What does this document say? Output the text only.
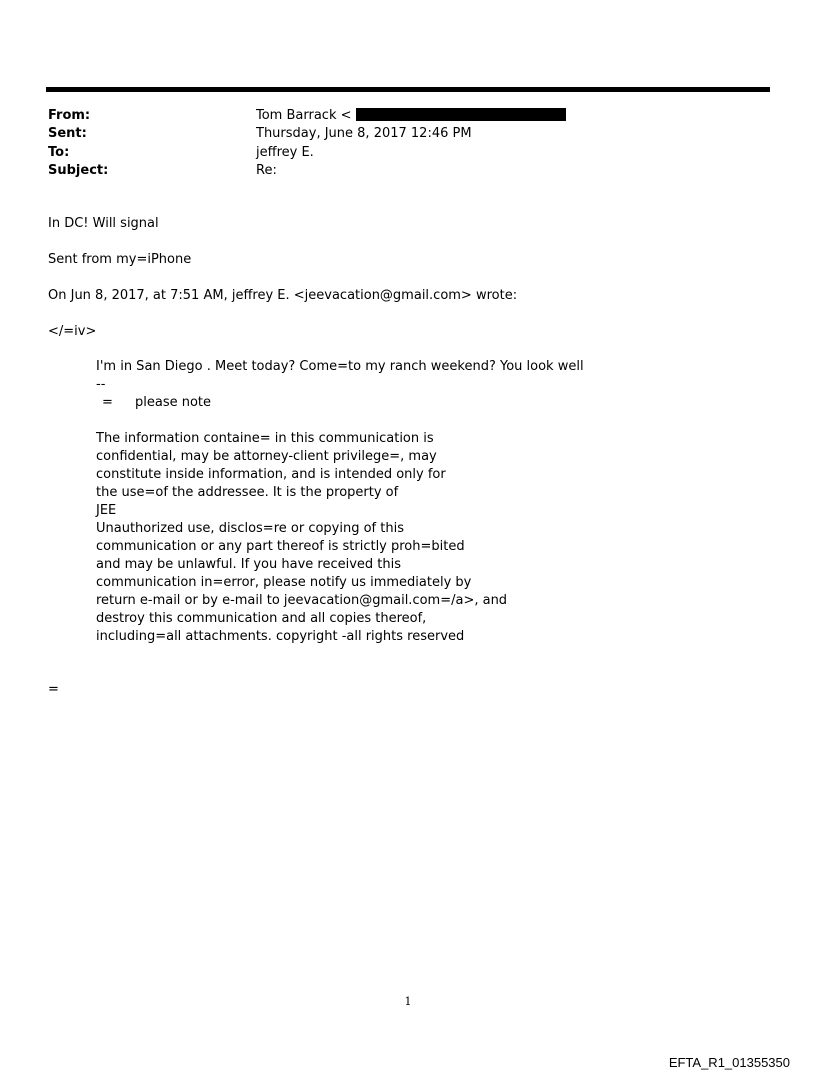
From:	Tom Barrack <
Sent:	Thursday, June 8, 2017 12:46 PM
To:	jeffrey E.
Subject:	Re:
In DC! Will signal
Sent from my=iPhone
On Jun 8, 2017, at 7:51 AM, jeffrey E. <jeevacation@gmail.com> wrote:
</=iv>
I'm in San Diego . Meet today? Come=to my ranch weekend? You look well
--
= please note
The information containe= in this communication is
confidential, may be attorney-client privilege=, may
constitute inside information, and is intended only for
the use=of the addressee. It is the property of
JEE
Unauthorized use, disclos=re or copying of this
communication or any part thereof is strictly proh=bited
and may be unlawful. If you have received this
communication in=error, please notify us immediately by
return e-mail or by e-mail to jeevacation@gmail.com=/a>, and
destroy this communication and all copies thereof,
including=all attachments. copyright -all rights reserved
=
1
EFTA_R1_01355350
